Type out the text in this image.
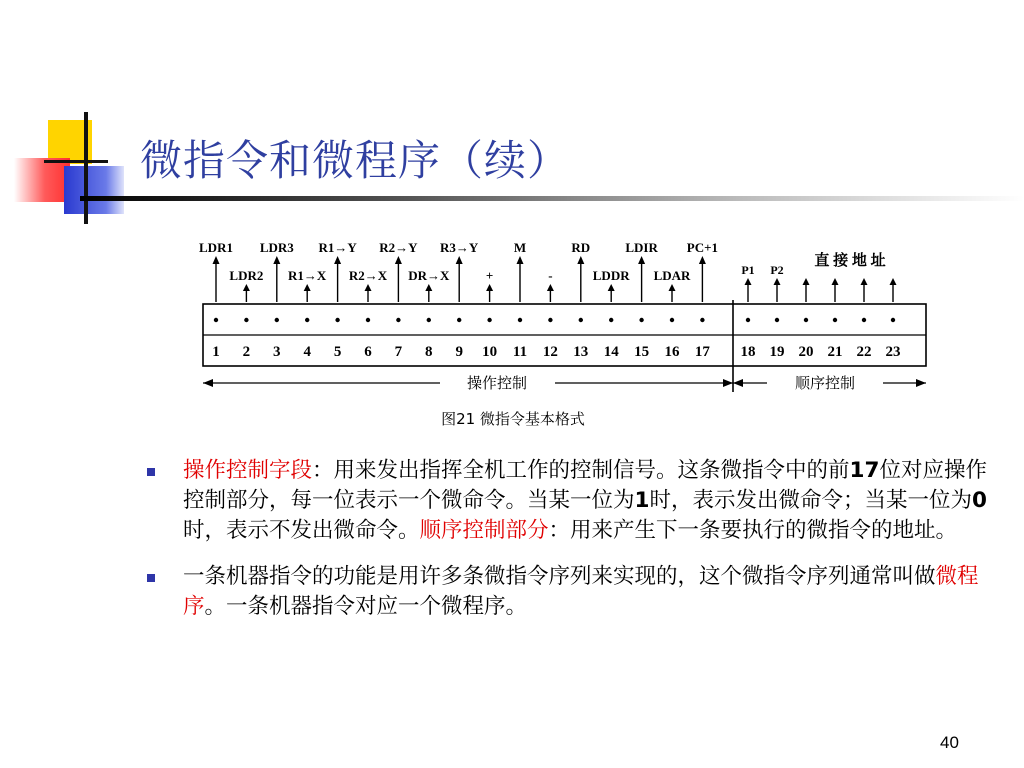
微指令和微程序（续）
LDR1 LDR3 R1→Y R2→Y R3→Y	M	RD	LDIR PC+1
LDR2 R1→X R2→X DR→X	+	-	LDDR LDAR	P1 P2
1 2 3 4 5 6 7 8 9 10 11 12 13 14 15 16 17 18 19 20 21 22 23
直 接 地 址
操作控制	顺序控制
图21 微指令基本格式
操作控制字段：用来发出指挥全机工作的控制信号。这条微指令中的前17位对应操作控制部分，每一位表示一个微命令。当某一位为1时，表示发出微命令；当某一位为0时，表示不发出微命令。顺序控制部分：用来产生下一条要执行的微指令的地址。
一条机器指令的功能是用许多条微指令序列来实现的，这个微指令序列通常叫做微程序。一条机器指令对应一个微程序。
40
